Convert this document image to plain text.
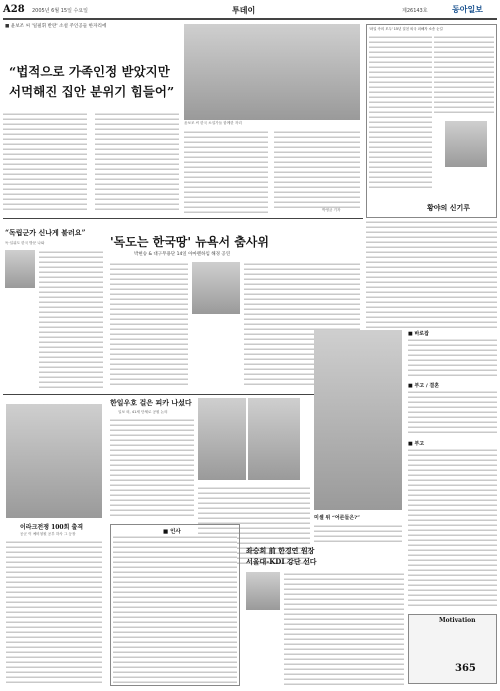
A28 2005년 6월 15일 수요일	투데이	제26143호	동아일보
■ 윤보조 씨 '일필휘 반란' 소설 주인공들 한자리에
“법적으로 가족인정 받았지만
서먹해진 집안 분위기 힘들어”
윤보조 씨 한국 소설가들 함께한 자리
박영균 기자
'파일 속의 모두' 15년 걸친 외국 피해자 소송 눈길
황야의 신기루
“독립군가 신나게 불러요”
독·일위도 한국 방문 나와	'독도는 한국땅' 뉴욕서 춤사위
박현승 & 대구무용단 14일 아마렌하임 해경 공연
한일우호 걸은 피카 나섰다
일보 외, 41세 단체로 공원 논의
이라크전쟁 100회 출격
공군 이 예비청원 공부 하사 그 등장
■ 바로잡
■ 부고 / 결혼
■ 부고
Motivation
365
좌승희 前 한경연 원장
서울대-KDI 강단 선다
■ 인사
미셸 위 “어른들은?”
